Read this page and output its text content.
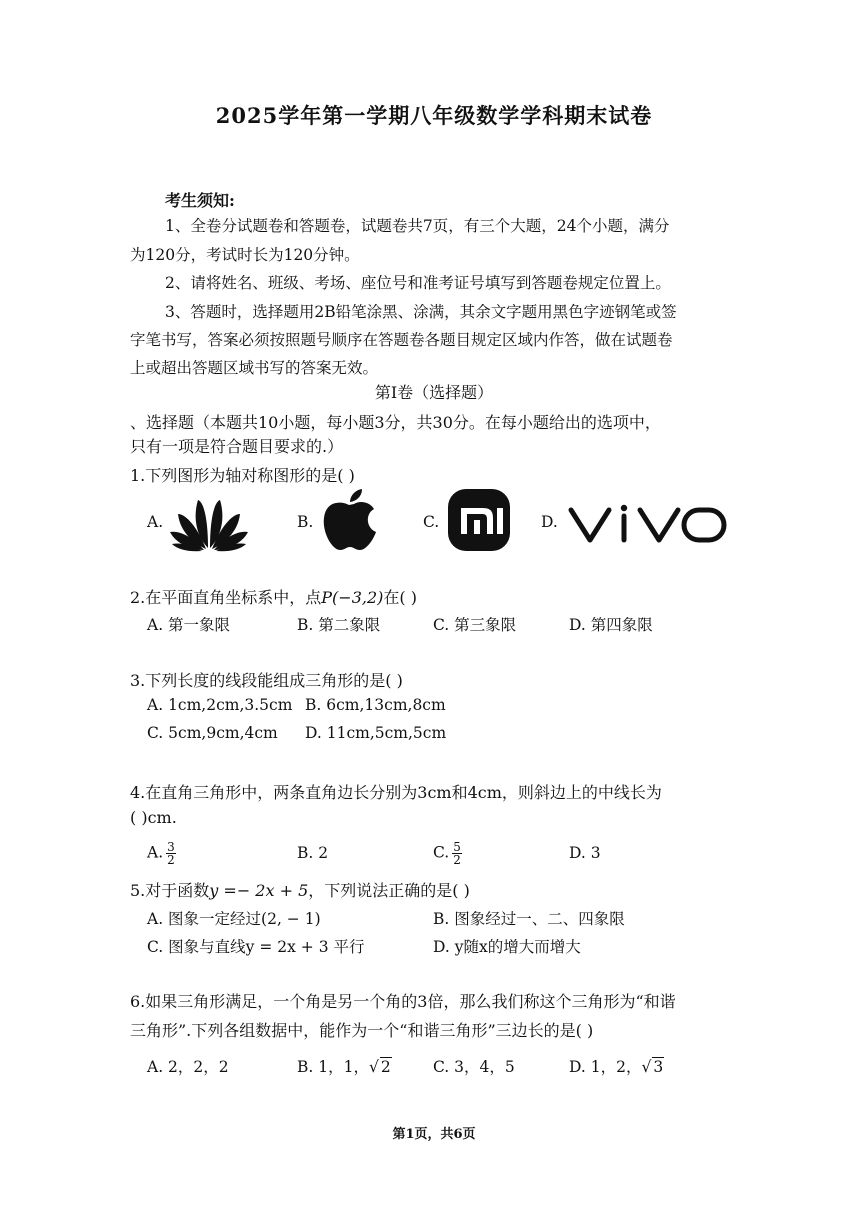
2025学年第一学期八年级数学学科期末试卷
考生须知:
1、全卷分试题卷和答题卷，试题卷共7页，有三个大题，24个小题，满分
为120分，考试时长为120分钟。
2、请将姓名、班级、考场、座位号和准考证号填写到答题卷规定位置上。
3、答题时，选择题用2B铅笔涂黑、涂满，其余文字题用黑色字迹钢笔或签
字笔书写，答案必须按照题号顺序在答题卷各题目规定区域内作答，做在试题卷
上或超出答题区域书写的答案无效。
第Ⅰ卷（选择题）
、选择题（本题共10小题，每小题3分，共30分。在每小题给出的选项中，
只有一项是符合题目要求的.）
1.下列图形为轴对称图形的是( )
A.	B.	C.	D.
2.在平面直角坐标系中，点P(−3,2)在( )
A. 第一象限	B. 第二象限	C. 第三象限	D. 第四象限
3.下列长度的线段能组成三角形的是( )
A. 1cm,2cm,3.5cm B. 6cm,13cm,8cm
C. 5cm,9cm,4cm D. 11cm,5cm,5cm
4.在直角三角形中，两条直角边长分别为3cm和4cm，则斜边上的中线长为
( )cm.
A. $\frac{3}{2}$	B. 2	C. $\frac{5}{2}$	D. 3
5.对于函数y =− 2x + 5，下列说法正确的是( )
A. 图象一定经过(2, − 1)	B. 图象经过一、二、四象限
C. 图象与直线y = 2x + 3 平行	D. y随x的增大而增大
6.如果三角形满足，一个角是另一个角的3倍，那么我们称这个三角形为“和谐
三角形”.下列各组数据中，能作为一个“和谐三角形”三边长的是( )
A. 2，2，2	B. 1，1，√ 2	C. 3，4，5	D. 1，2，√ 3
第1页，共6页
